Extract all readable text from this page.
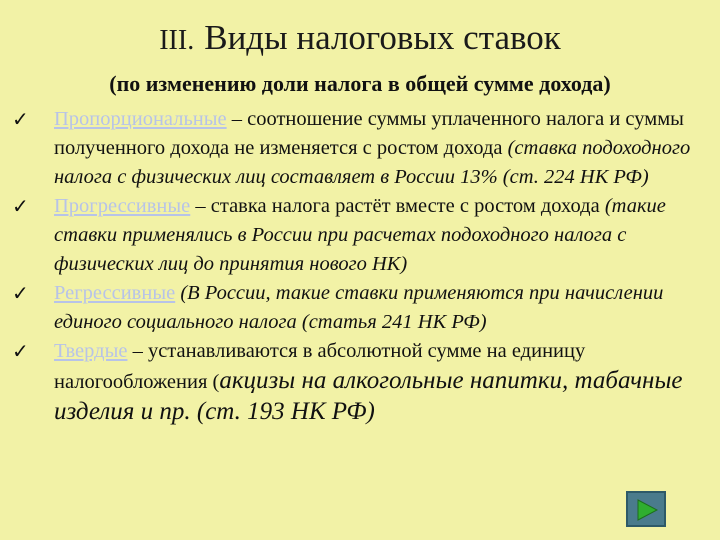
III. Виды налоговых ставок
(по изменению доли налога в общей сумме дохода)
✓	Пропорциональные – соотношение суммы уплаченного налога и суммы полученного дохода не изменяется с ростом дохода (ставка подоходного налога с физических лиц составляет в России 13% (ст. 224 НК РФ)
✓	Прогрессивные – ставка налога растёт вместе с ростом дохода (такие ставки применялись в России при расчетах подоходного налога с физических лиц до принятия нового НК)
✓	Регрессивные (В России, такие ставки применяются при начислении единого социального налога (статья 241 НК РФ)
✓	Твердые – устанавливаются в абсолютной сумме на единицу налогообложения (акцизы на алкогольные напитки, табачные изделия и пр. (ст. 193 НК РФ)
